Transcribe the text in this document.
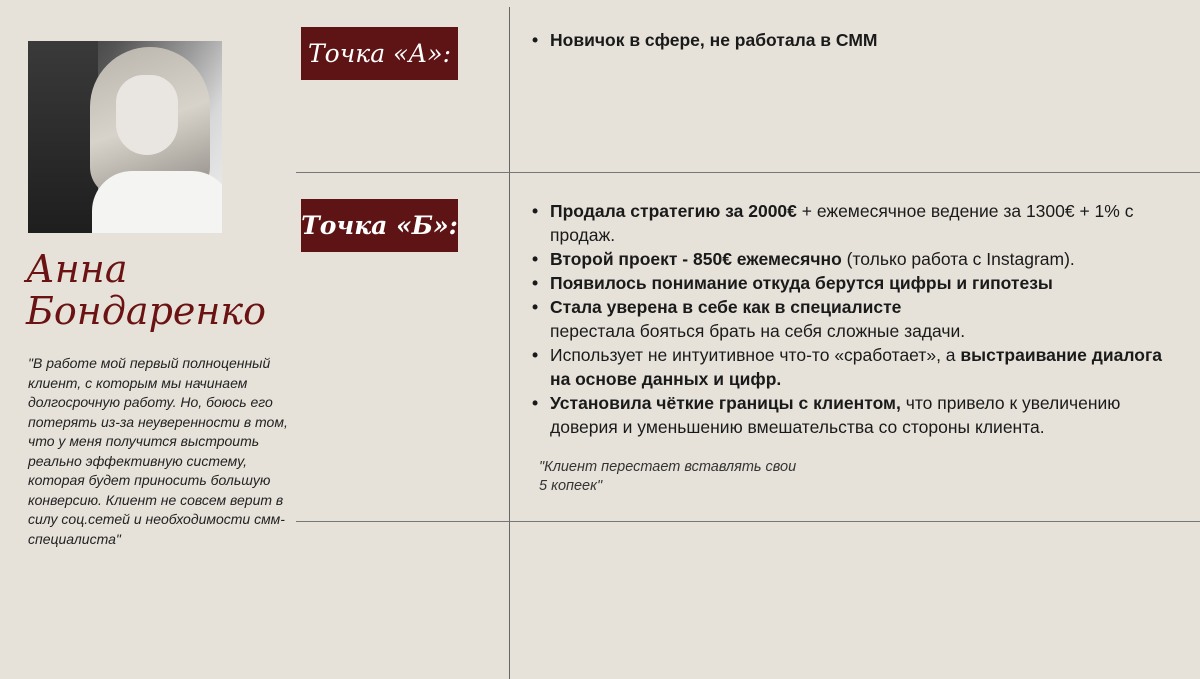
Анна
Бондаренко

"В работе мой первый полноценный клиент, с которым мы начинаем долгосрочную работу. Но, боюсь его потерять из-за неуверенности в том, что у меня получится выстроить реально эффективную систему, которая будет приносить большую конверсию. Клиент не совсем верит в силу соц.сетей и необходимости смм-специалиста"

Точка «А»:
Точка «Б»:
• Новичок в сфере, не работала в СММ
• Продала стратегию за 2000€ + ежемесячное ведение за 1300€ + 1% с
продаж.
• Второй проект - 850€ ежемесячно (только работа с Instagram).
• Появилось понимание откуда берутся цифры и гипотезы
• Стала уверена в себе как в специалисте
перестала бояться брать на себя сложные задачи.
• Использует не интуитивное что-то «сработает», а выстраивание диалога
на основе данных и цифр.
• Установила чёткие границы с клиентом, что привело к увеличению
доверия и уменьшению вмешательства со стороны клиента.

"Клиент перестает вставлять свои 5 копеек"
